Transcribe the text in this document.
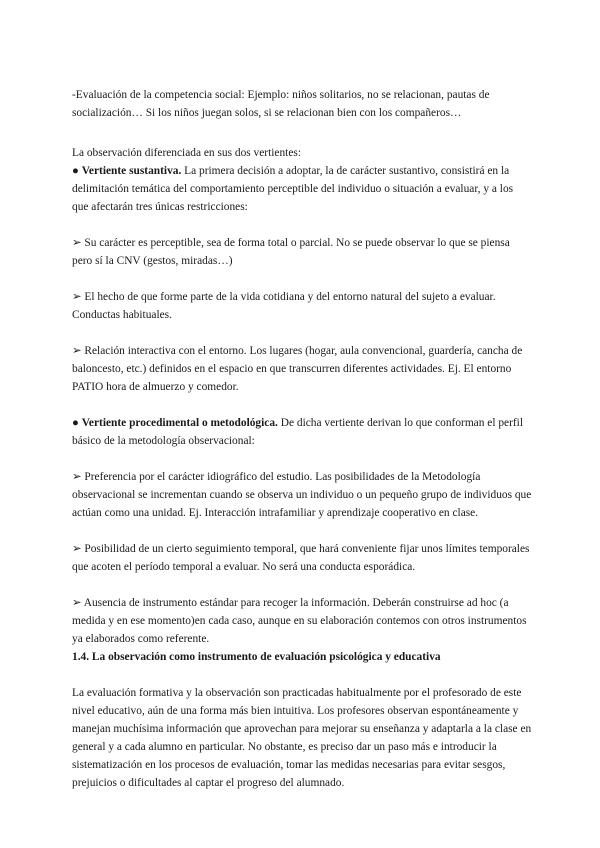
-Evaluación de la competencia social: Ejemplo: niños solitarios, no se relacionan, pautas de socialización… Si los niños juegan solos, si se relacionan bien con los compañeros…

La observación diferenciada en sus dos vertientes:

● Vertiente sustantiva. La primera decisión a adoptar, la de carácter sustantivo, consistirá en la delimitación temática del comportamiento perceptible del individuo o situación a evaluar, y a los que afectarán tres únicas restricciones:

➢ Su carácter es perceptible, sea de forma total o parcial. No se puede observar lo que se piensa pero sí la CNV (gestos, miradas…)

➢ El hecho de que forme parte de la vida cotidiana y del entorno natural del sujeto a evaluar. Conductas habituales.

➢ Relación interactiva con el entorno. Los lugares (hogar, aula convencional, guardería, cancha de baloncesto, etc.) definidos en el espacio en que transcurren diferentes actividades. Ej. El entorno PATIO hora de almuerzo y comedor.

● Vertiente procedimental o metodológica. De dicha vertiente derivan lo que conforman el perfil básico de la metodología observacional:

➢ Preferencia por el carácter idiográfico del estudio. Las posibilidades de la Metodología observacional se incrementan cuando se observa un individuo o un pequeño grupo de individuos que actúan como una unidad. Ej. Interacción intrafamiliar y aprendizaje cooperativo en clase.

➢ Posibilidad de un cierto seguimiento temporal, que hará conveniente fijar unos límites temporales que acoten el período temporal a evaluar. No será una conducta esporádica.

➢ Ausencia de instrumento estándar para recoger la información. Deberán construirse ad hoc (a medida y en ese momento)en cada caso, aunque en su elaboración contemos con otros instrumentos ya elaborados como referente.

1.4. La observación como instrumento de evaluación psicológica y educativa

La evaluación formativa y la observación son practicadas habitualmente por el profesorado de este nivel educativo, aún de una forma más bien intuitiva. Los profesores observan espontáneamente y manejan muchísima información que aprovechan para mejorar su enseñanza y adaptarla a la clase en general y a cada alumno en particular. No obstante, es preciso dar un paso más e introducir la sistematización en los procesos de evaluación, tomar las medidas necesarias para evitar sesgos, prejuicios o dificultades al captar el progreso del alumnado.
